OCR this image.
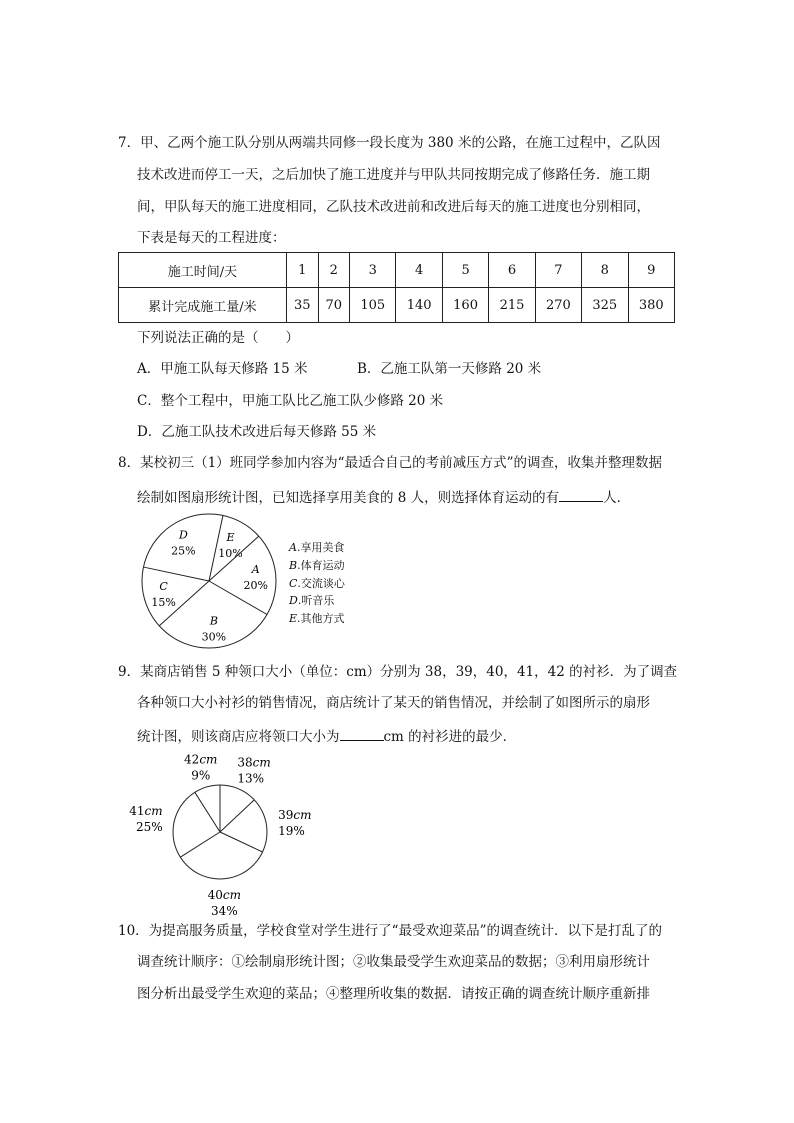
7．甲、乙两个施工队分别从两端共同修一段长度为 380 米的公路，在施工过程中，乙队因
技术改进而停工一天，之后加快了施工进度并与甲队共同按期完成了修路任务．施工期
间，甲队每天的施工进度相同，乙队技术改进前和改进后每天的施工进度也分别相同，
下表是每天的工程进度：
施工时间/天	1	2	3	4	5	6	7	8	9
累计完成施工量/米	35	70	105	140	160	215	270	325	380
下列说法正确的是（　　）
A．甲施工队每天修路 15 米	B．乙施工队第一天修路 20 米
C．整个工程中，甲施工队比乙施工队少修路 20 米
D．乙施工队技术改进后每天修路 55 米
8．某校初三（1）班同学参加内容为“最适合自己的考前减压方式”的调查，收集并整理数据
绘制如图扇形统计图，已知选择享用美食的 8 人，则选择体育运动的有	人．
E
10%
A
20%
B
30%
C
15%
D
25%	A.享用美食
B.体育运动
C.交流谈心
D.听音乐
E.其他方式
9．某商店销售 5 种领口大小（单位：cm）分别为 38，39，40，41，42 的衬衫．为了调查
各种领口大小衬衫的销售情况，商店统计了某天的销售情况，并绘制了如图所示的扇形
统计图，则该商店应将领口大小为	cm 的衬衫进的最少．
38cm
13%
39cm
19%
40cm
34%
41cm
25%
42cm
9%
10．为提高服务质量，学校食堂对学生进行了“最受欢迎菜品”的调查统计．以下是打乱了的
调查统计顺序：①绘制扇形统计图；②收集最受学生欢迎菜品的数据；③利用扇形统计
图分析出最受学生欢迎的菜品；④整理所收集的数据．请按正确的调查统计顺序重新排
